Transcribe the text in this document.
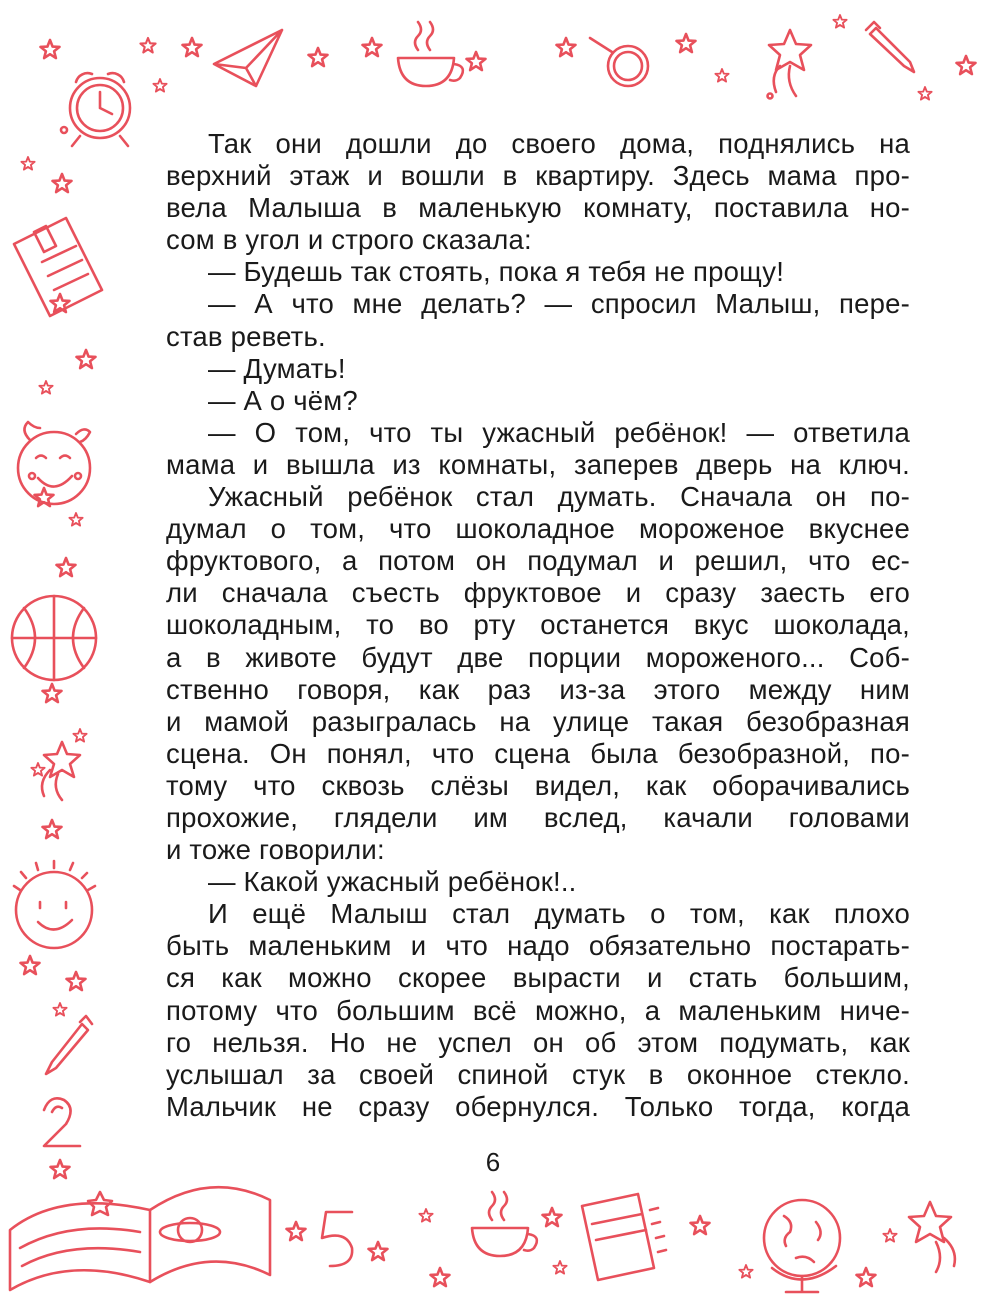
Так они дошли до своего дома, поднялись на
верхний этаж и вошли в квартиру. Здесь мама про-
вела Малыша в маленькую комнату, поставила но-
сом в угол и строго сказала:
— Будешь так стоять, пока я тебя не прощу!
— А что мне делать? — спросил Малыш, пере-
став реветь.
— Думать!
— А о чём?
— О том, что ты ужасный ребёнок! — ответила
мама и вышла из комнаты, заперев дверь на ключ.
Ужасный ребёнок стал думать. Сначала он по-
думал о том, что шоколадное мороженое вкуснее
фруктового, а потом он подумал и решил, что ес-
ли сначала съесть фруктовое и сразу заесть его
шоколадным, то во рту останется вкус шоколада,
а в животе будут две порции мороженого... Соб-
ственно говоря, как раз из-за этого между ним
и мамой разыгралась на улице такая безобразная
сцена. Он понял, что сцена была безобразной, по-
тому что сквозь слёзы видел, как оборачивались
прохожие, глядели им вслед, качали головами
и тоже говорили:
— Какой ужасный ребёнок!..
И ещё Малыш стал думать о том, как плохо
быть маленьким и что надо обязательно постарать-
ся как можно скорее вырасти и стать большим,
потому что большим всё можно, а маленьким ниче-
го нельзя. Но не успел он об этом подумать, как
услышал за своей спиной стук в оконное стекло.
Мальчик не сразу обернулся. Только тогда, когда
6
